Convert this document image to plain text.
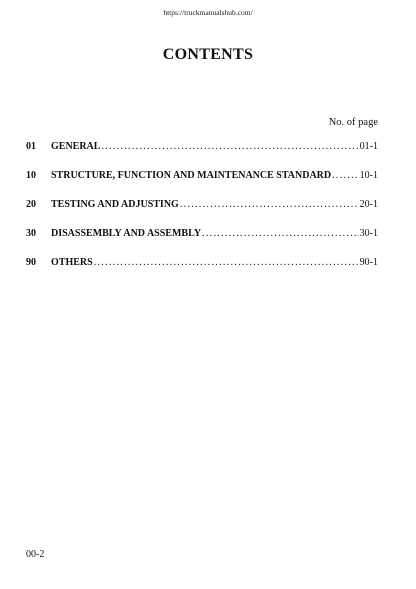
https://truckmanualshub.com/
CONTENTS
No. of page
01	GENERAL .....	01-1
10	STRUCTURE, FUNCTION AND MAINTENANCE STANDARD .....	10-1
20	TESTING AND ADJUSTING .....	20-1
30	DISASSEMBLY AND ASSEMBLY .....	30-1
90	OTHERS .....	90-1
00-2
